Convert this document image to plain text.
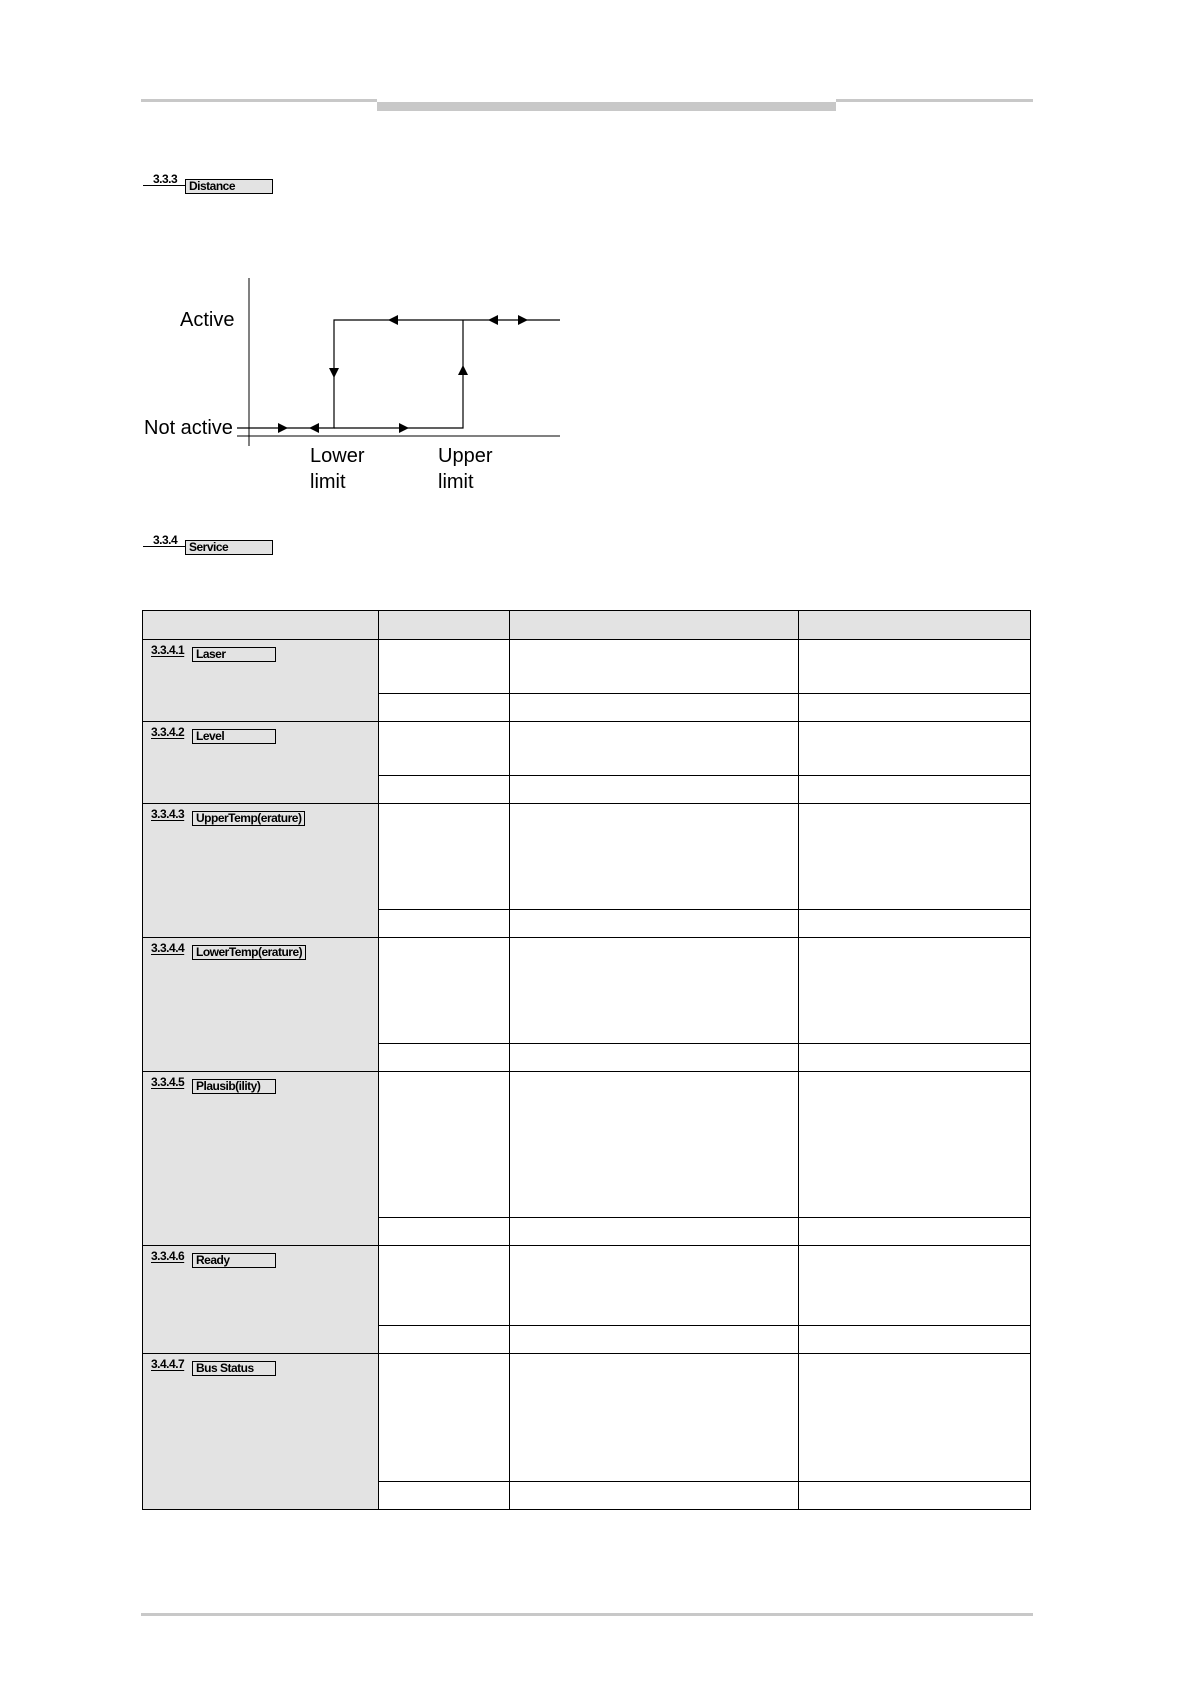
3.3.3 Distance
Active
Not active
Lower
limit
Upper
limit
3.3.4 Service

3.3.4.1 Laser			

3.3.4.2 Level			

3.3.4.3 UpperTemp(erature)			

3.3.4.4 LowerTemp(erature)			

3.3.4.5 Plausib(ility)			

3.3.4.6 Ready			

3.4.4.7 Bus Status			
